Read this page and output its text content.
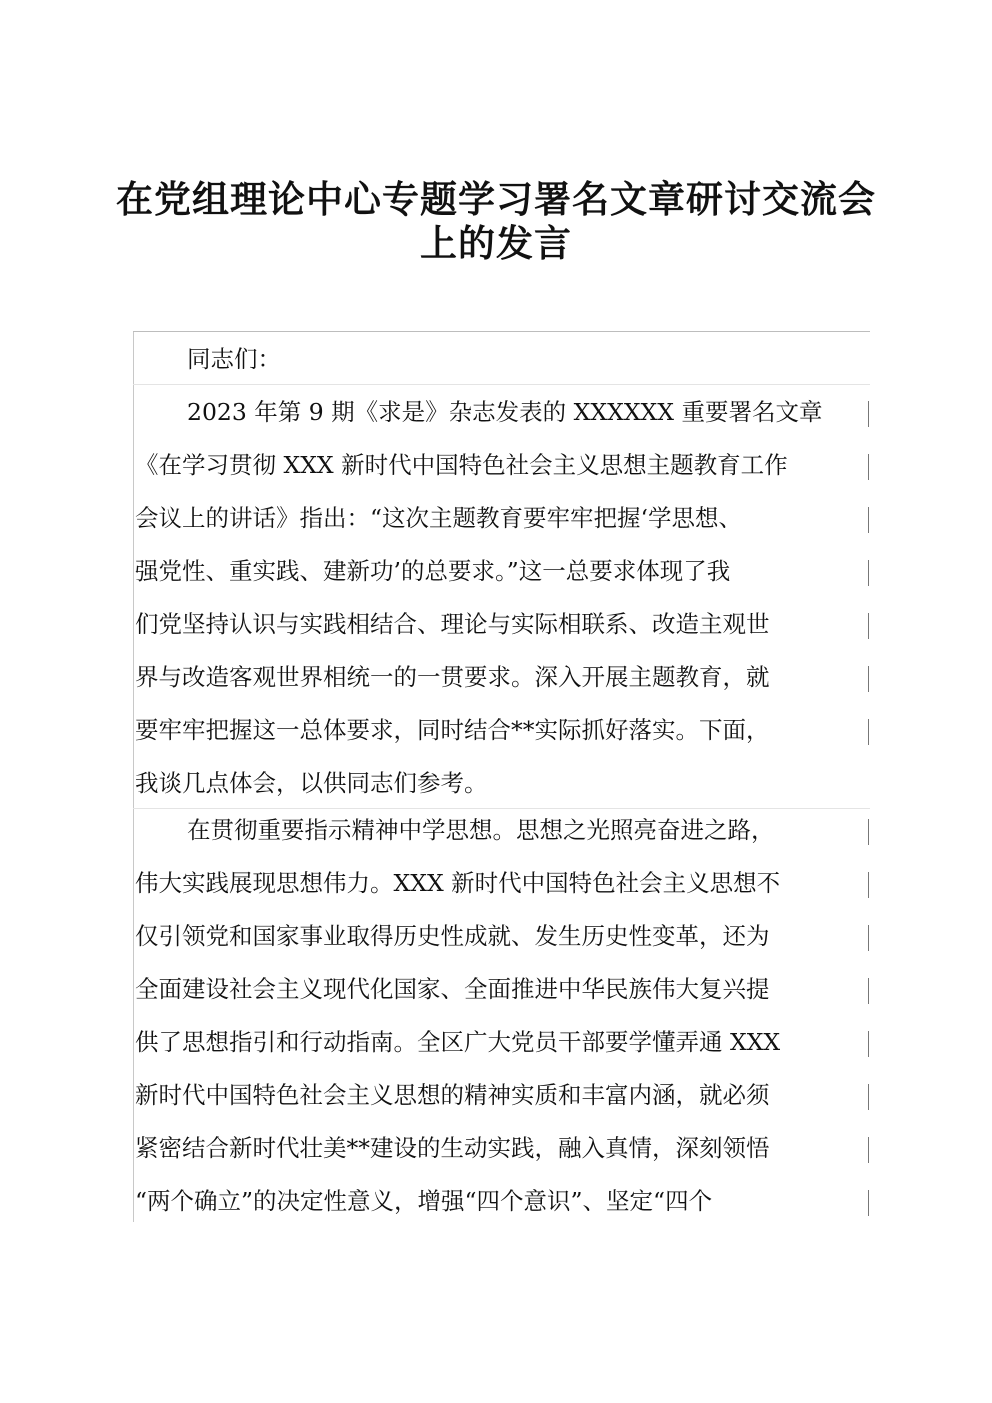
在党组理论中心专题学习署名文章研讨交流会
上的发言
同志们：
2023 年第 9 期《求是》杂志发表的 XXXXXX 重要署名文章
《在学习贯彻 XXX 新时代中国特色社会主义思想主题教育工作
会议上的讲话》指出：“这次主题教育要牢牢把握‘学思想、
强党性、重实践、建新功’的总要求。”这一总要求体现了我
们党坚持认识与实践相结合、理论与实际相联系、改造主观世
界与改造客观世界相统一的一贯要求。深入开展主题教育，就
要牢牢把握这一总体要求，同时结合**实际抓好落实。下面，
我谈几点体会，以供同志们参考。
在贯彻重要指示精神中学思想。思想之光照亮奋进之路，
伟大实践展现思想伟力。XXX 新时代中国特色社会主义思想不
仅引领党和国家事业取得历史性成就、发生历史性变革，还为
全面建设社会主义现代化国家、全面推进中华民族伟大复兴提
供了思想指引和行动指南。全区广大党员干部要学懂弄通 XXX
新时代中国特色社会主义思想的精神实质和丰富内涵，就必须
紧密结合新时代壮美**建设的生动实践，融入真情，深刻领悟
“两个确立”的决定性意义，增强“四个意识”、坚定“四个
